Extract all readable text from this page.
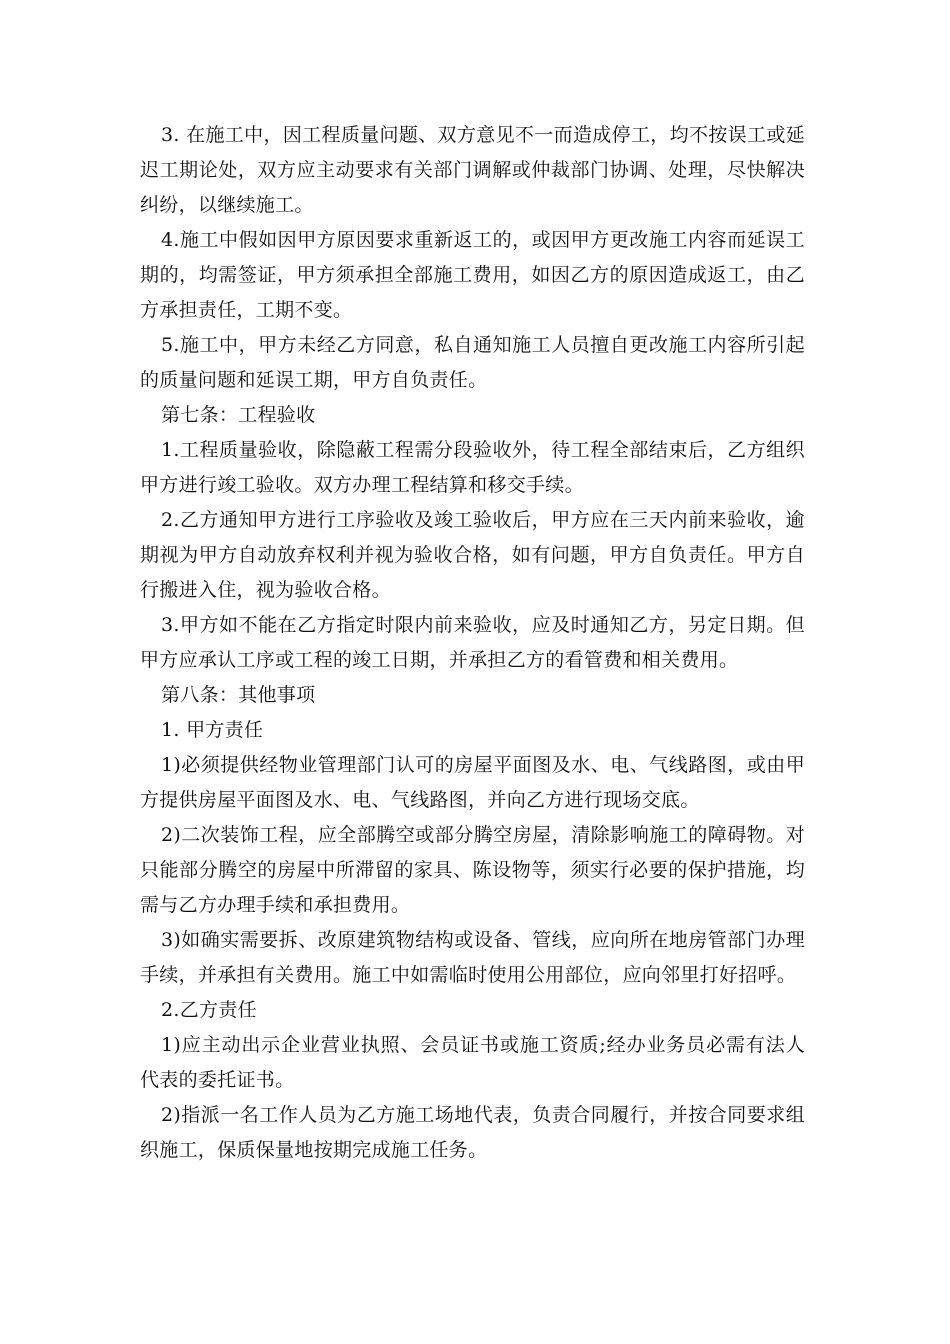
3. 在施工中，因工程质量问题、双方意见不一而造成停工，均不按误工或延迟工期论处，双方应主动要求有关部门调解或仲裁部门协调、处理，尽快解决纠纷，以继续施工。

4.施工中假如因甲方原因要求重新返工的，或因甲方更改施工内容而延误工期的，均需签证，甲方须承担全部施工费用，如因乙方的原因造成返工，由乙方承担责任，工期不变。

5.施工中，甲方未经乙方同意，私自通知施工人员擅自更改施工内容所引起的质量问题和延误工期，甲方自负责任。

第七条：工程验收

1.工程质量验收，除隐蔽工程需分段验收外，待工程全部结束后，乙方组织甲方进行竣工验收。双方办理工程结算和移交手续。

2.乙方通知甲方进行工序验收及竣工验收后，甲方应在三天内前来验收，逾期视为甲方自动放弃权利并视为验收合格，如有问题，甲方自负责任。甲方自行搬进入住，视为验收合格。

3.甲方如不能在乙方指定时限内前来验收，应及时通知乙方，另定日期。但甲方应承认工序或工程的竣工日期，并承担乙方的看管费和相关费用。

第八条：其他事项

1. 甲方责任

1)必须提供经物业管理部门认可的房屋平面图及水、电、气线路图，或由甲方提供房屋平面图及水、电、气线路图，并向乙方进行现场交底。

2)二次装饰工程，应全部腾空或部分腾空房屋，清除影响施工的障碍物。对只能部分腾空的房屋中所滞留的家具、陈设物等，须实行必要的保护措施，均需与乙方办理手续和承担费用。

3)如确实需要拆、改原建筑物结构或设备、管线，应向所在地房管部门办理手续，并承担有关费用。施工中如需临时使用公用部位，应向邻里打好招呼。

2.乙方责任

1)应主动出示企业营业执照、会员证书或施工资质;经办业务员必需有法人代表的委托证书。

2)指派一名工作人员为乙方施工场地代表，负责合同履行，并按合同要求组织施工，保质保量地按期完成施工任务。
